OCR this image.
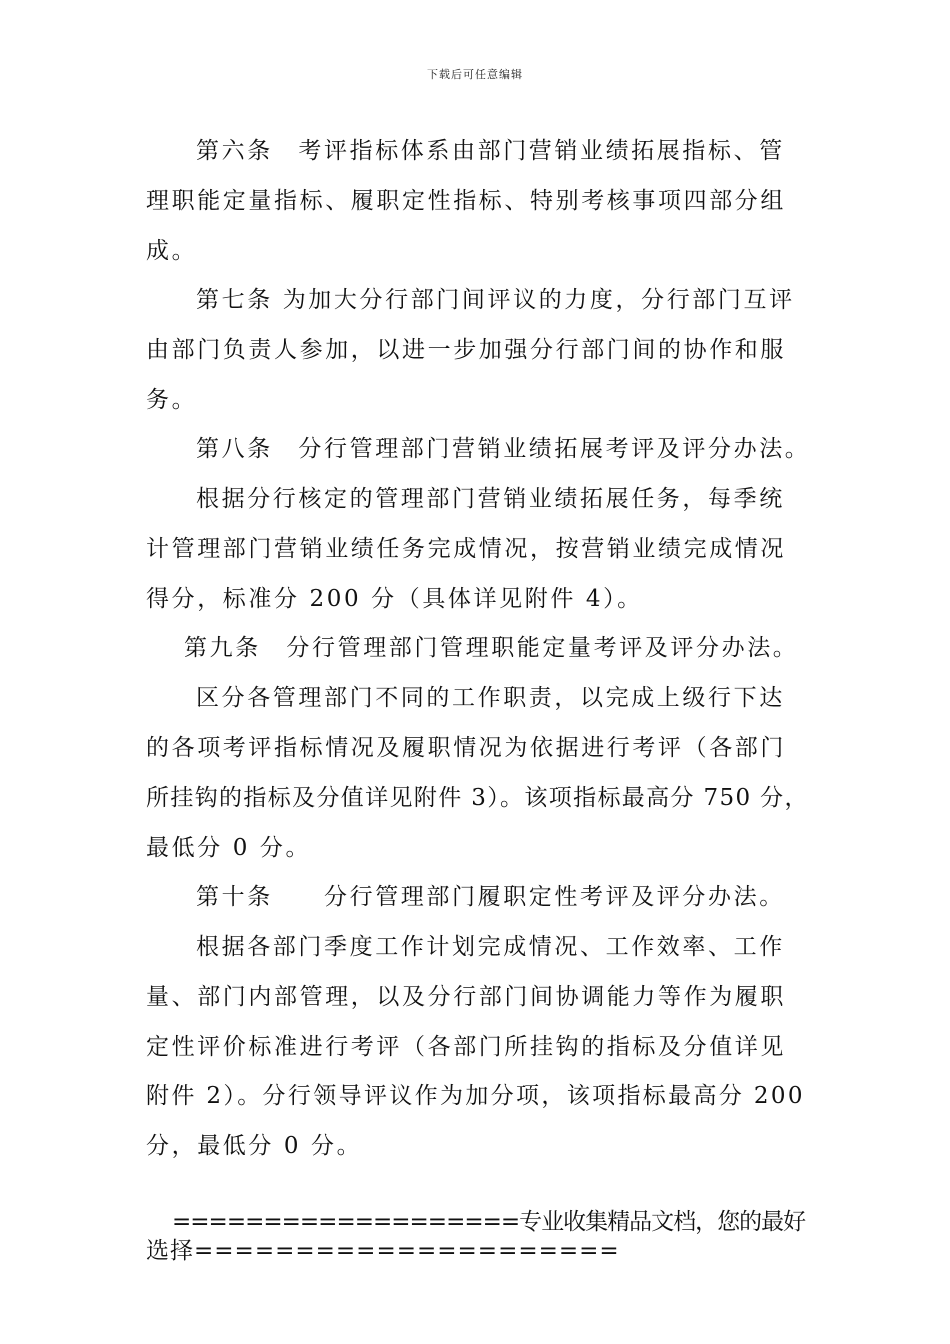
下载后可任意编辑
第六条　考评指标体系由部门营销业绩拓展指标、管
理职能定量指标、履职定性指标、特别考核事项四部分组
成。
第七条 为加大分行部门间评议的力度，分行部门互评
由部门负责人参加，以进一步加强分行部门间的协作和服
务。
第八条　分行管理部门营销业绩拓展考评及评分办法。
根据分行核定的管理部门营销业绩拓展任务，每季统
计管理部门营销业绩任务完成情况，按营销业绩完成情况
得分，标准分 200 分（具体详见附件 4）。
第九条　分行管理部门管理职能定量考评及评分办法。
区分各管理部门不同的工作职责，以完成上级行下达
的各项考评指标情况及履职情况为依据进行考评（各部门
所挂钩的指标及分值详见附件 3）。该项指标最高分 750 分，
最低分 0 分。
第十条　　分行管理部门履职定性考评及评分办法。
根据各部门季度工作计划完成情况、工作效率、工作
量、部门内部管理，以及分行部门间协调能力等作为履职
定性评价标准进行考评（各部门所挂钩的指标及分值详见
附件 2）。分行领导评议作为加分项，该项指标最高分 200
分，最低分 0 分。
===================专业收集精品文档，您的最好
选择=====================
